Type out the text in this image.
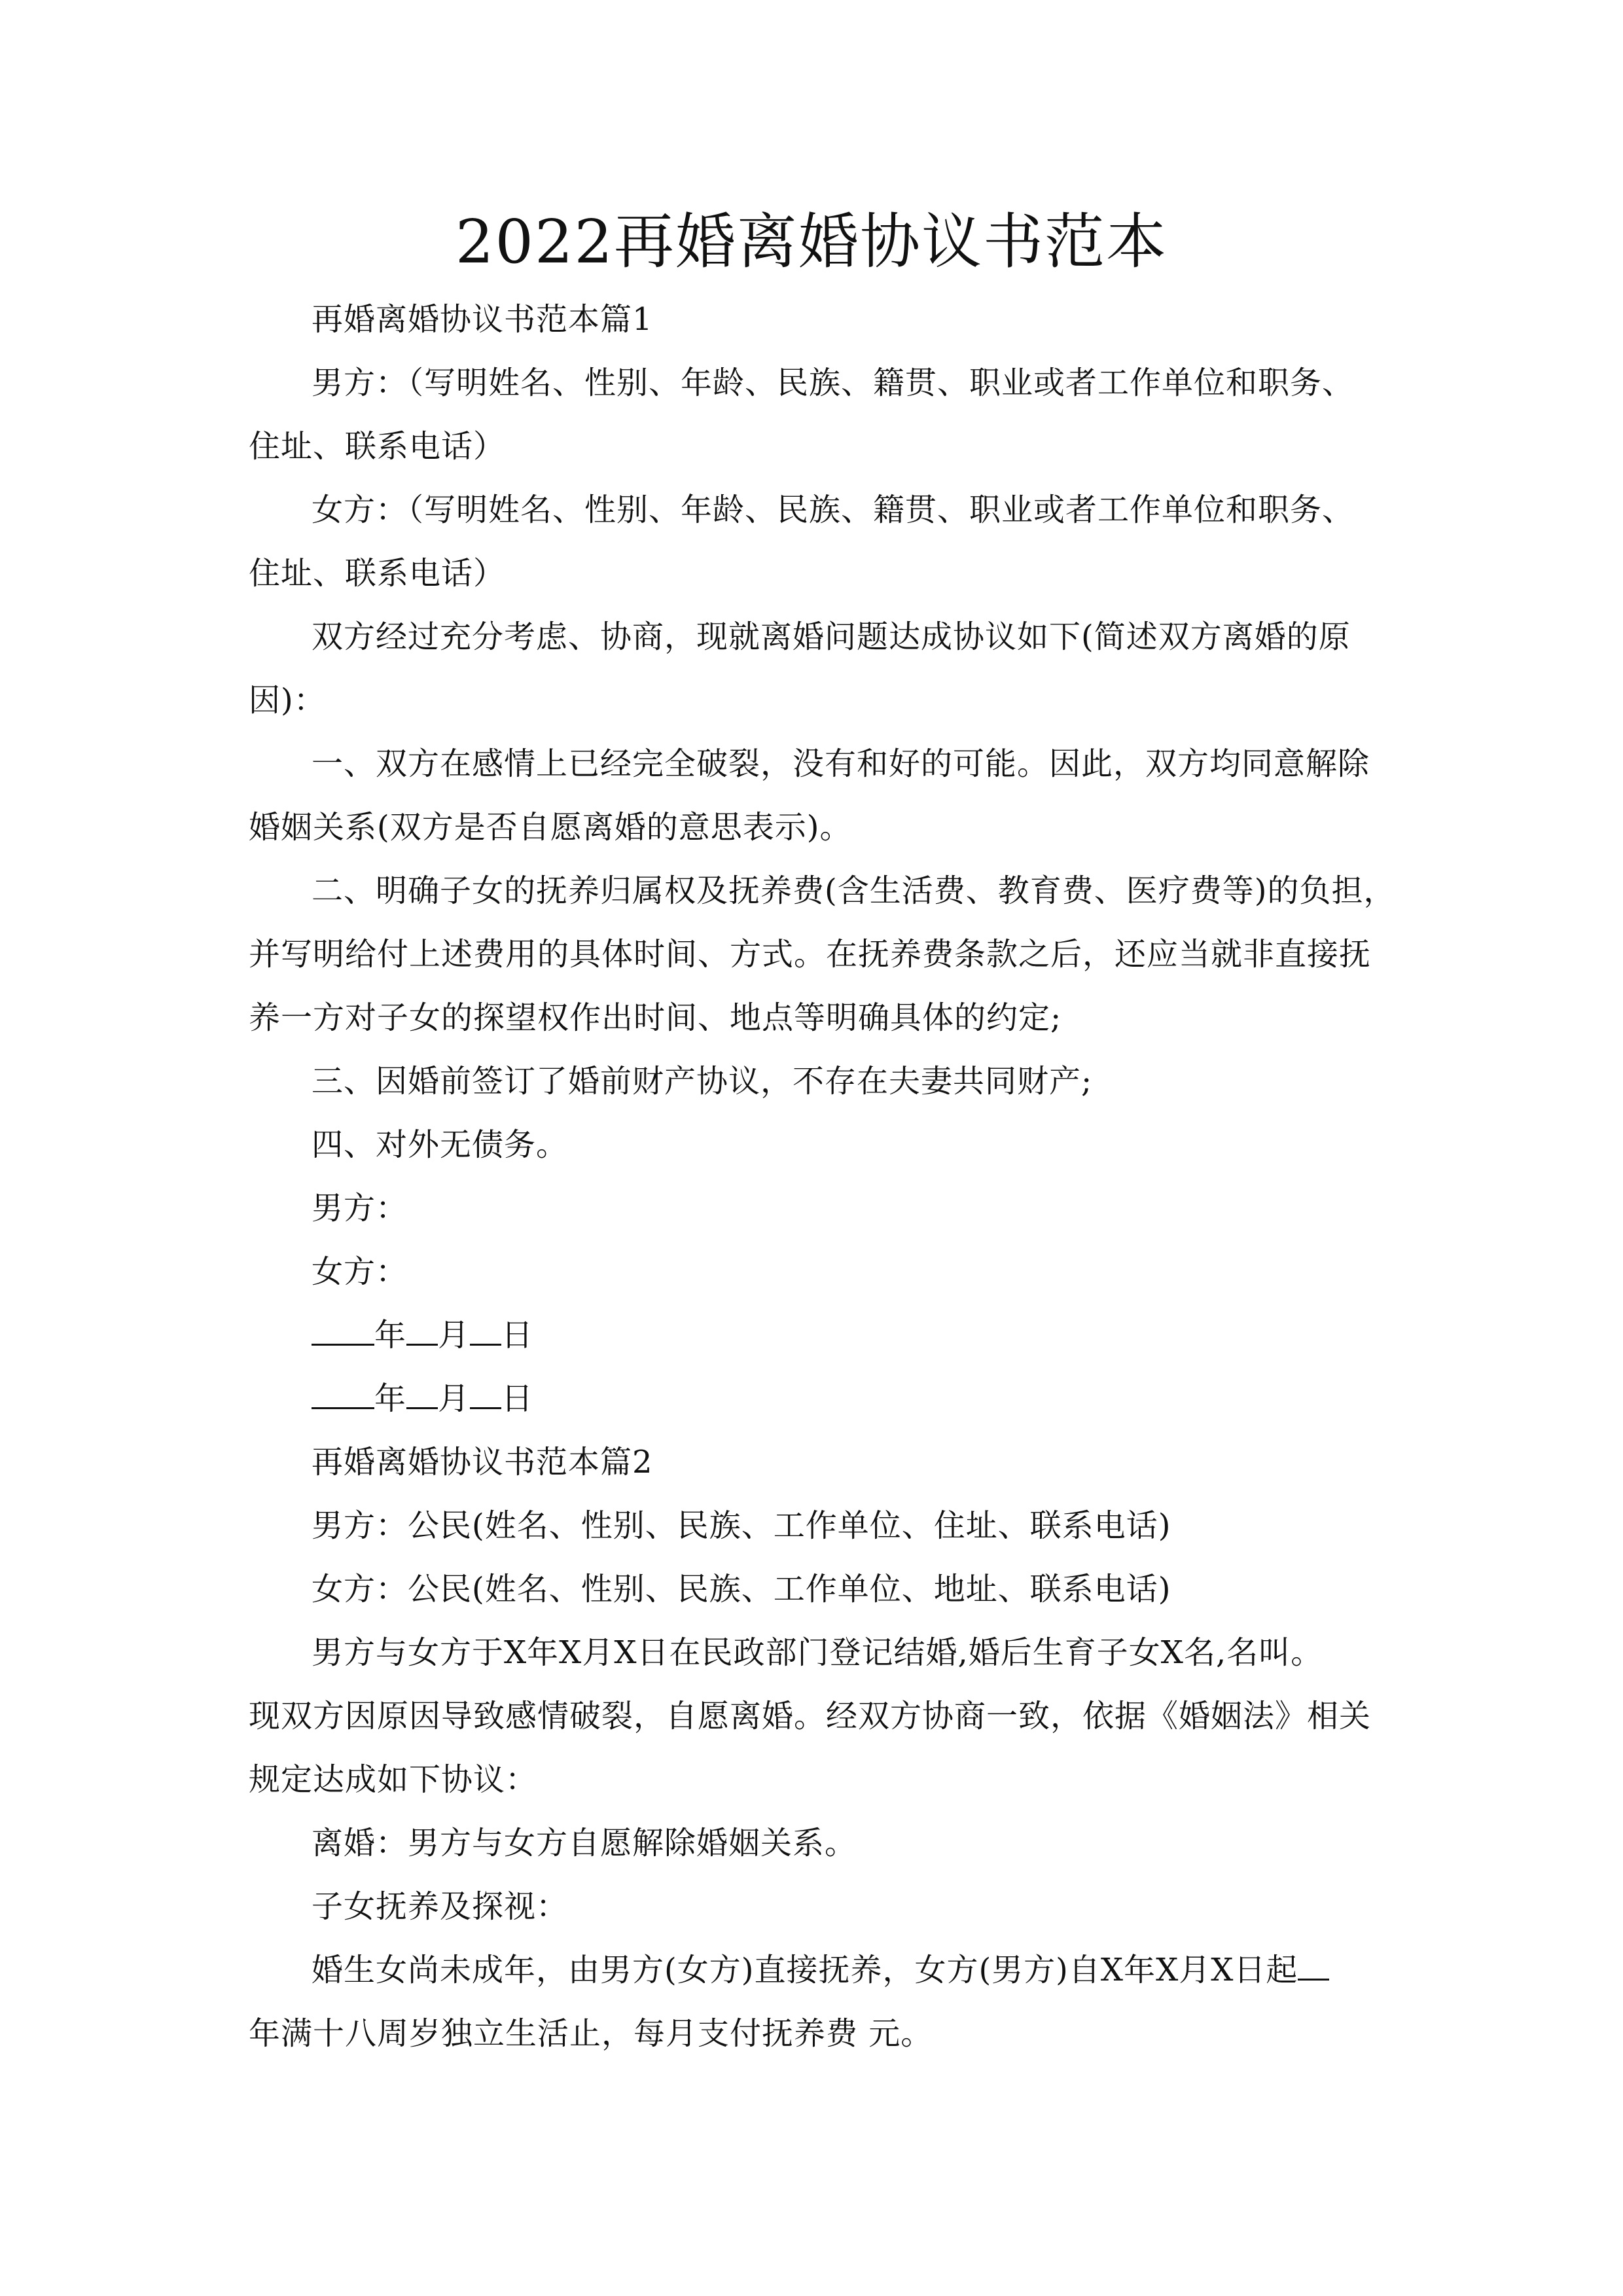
2022再婚离婚协议书范本

再婚离婚协议书范本篇1

男方：（写明姓名、性别、年龄、民族、籍贯、职业或者工作单位和职务、

住址、联系电话）

女方：（写明姓名、性别、年龄、民族、籍贯、职业或者工作单位和职务、

住址、联系电话）

双方经过充分考虑、协商，现就离婚问题达成协议如下(简述双方离婚的原

因)：

一、双方在感情上已经完全破裂，没有和好的可能。因此，双方均同意解除

婚姻关系(双方是否自愿离婚的意思表示)。

二、明确子女的抚养归属权及抚养费(含生活费、教育费、医疗费等)的负担，

并写明给付上述费用的具体时间、方式。在抚养费条款之后，还应当就非直接抚

养一方对子女的探望权作出时间、地点等明确具体的约定;

三、因婚前签订了婚前财产协议，不存在夫妻共同财产;

四、对外无债务。

男方：

女方：

年 月 日

年 月 日

再婚离婚协议书范本篇2

男方：公民(姓名、性别、民族、工作单位、住址、联系电话)

女方：公民(姓名、性别、民族、工作单位、地址、联系电话)

男方与女方于X年X月X日在民政部门登记结婚,婚后生育子女X名,名叫。

现双方因原因导致感情破裂，自愿离婚。经双方协商一致，依据《婚姻法》相关

规定达成如下协议：

离婚：男方与女方自愿解除婚姻关系。

子女抚养及探视：

婚生女尚未成年，由男方(女方)直接抚养，女方(男方)自X年X月X日起

年满十八周岁独立生活止，每月支付抚养费 元。
